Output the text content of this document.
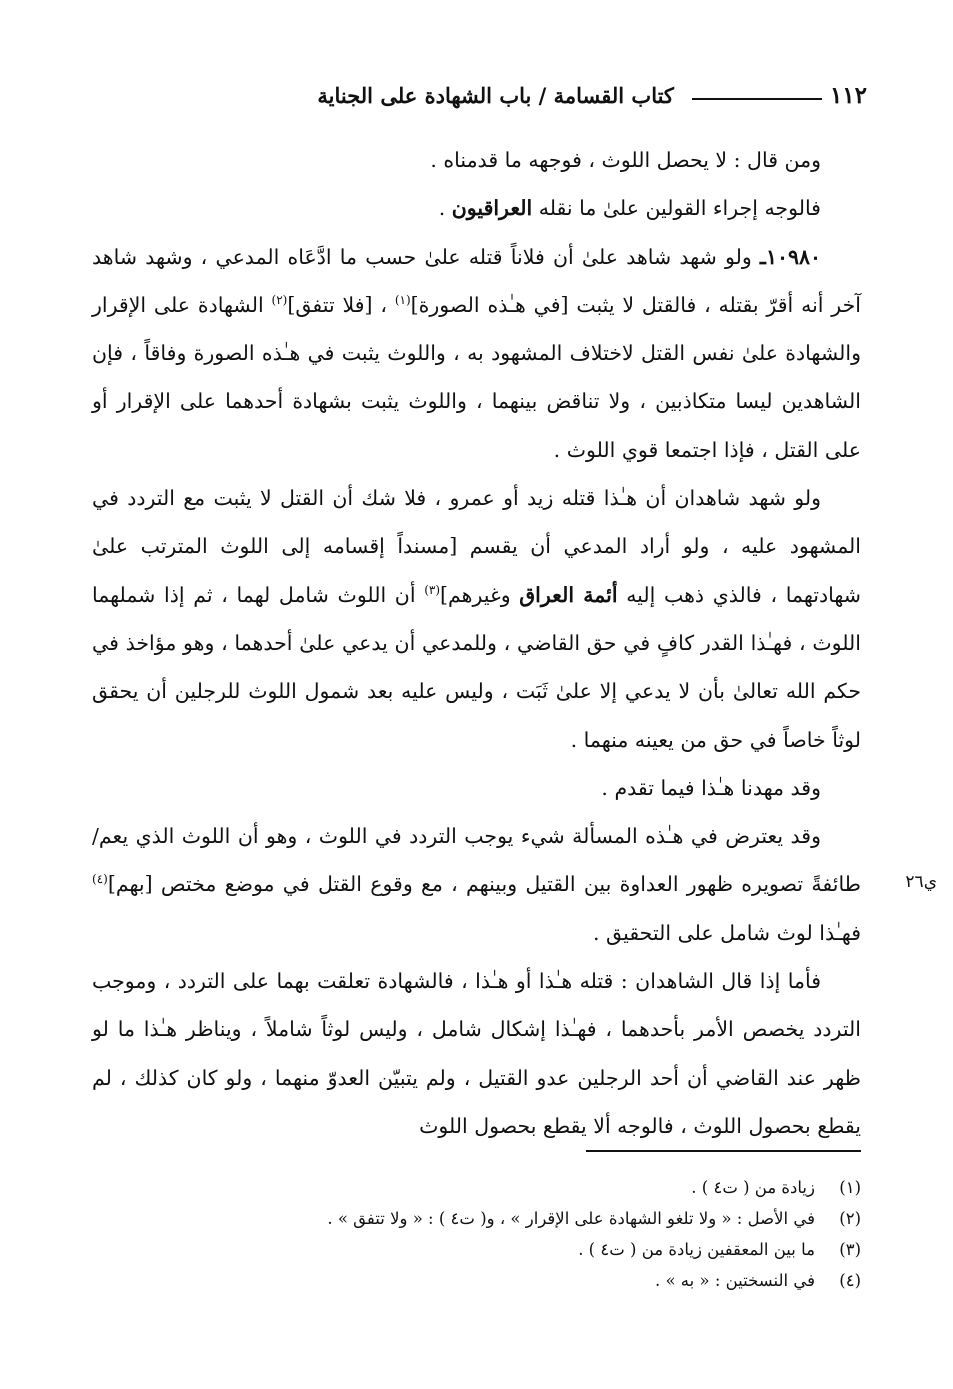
١١٢
كتاب القسامة / باب الشهادة على الجناية
ي٢٦

ومن قال : لا يحصل اللوث ، فوجهه ما قدمناه .

فالوجه إجراء القولين علىٰ ما نقله العراقيون .

١٠٩٨٠ـ ولو شهد شاهد علىٰ أن فلاناً قتله علىٰ حسب ما ادَّعَاه المدعي ، وشهد شاهد آخر أنه أقرّ بقتله ، فالقتل لا يثبت [في هـٰذه الصورة]$^{(١)}$ ، [فلا تتفق]$^{(٢)}$ الشهادة على الإقرار والشهادة علىٰ نفس القتل لاختلاف المشهود به ، واللوث يثبت في هـٰذه الصورة وفاقاً ، فإن الشاهدين ليسا متكاذبين ، ولا تناقض بينهما ، واللوث يثبت بشهادة أحدهما على الإقرار أو على القتل ، فإذا اجتمعا قوي اللوث .

ولو شهد شاهدان أن هـٰذا قتله زيد أو عمرو ، فلا شك أن القتل لا يثبت مع التردد في المشهود عليه ، ولو أراد المدعي أن يقسم [مسنداً إقسامه إلى اللوث المترتب علىٰ شهادتهما ، فالذي ذهب إليه أئمة العراق وغيرهم]$^{(٣)}$ أن اللوث شامل لهما ، ثم إذا شملهما اللوث ، فهـٰذا القدر كافٍ في حق القاضي ، وللمدعي أن يدعي علىٰ أحدهما ، وهو مؤاخذ في حكم الله تعالىٰ بأن لا يدعي إلا علىٰ ثَبَت ، وليس عليه بعد شمول اللوث للرجلين أن يحقق لوثاً خاصاً في حق من يعينه منهما .

وقد مهدنا هـٰذا فيما تقدم .

وقد يعترض في هـٰذه المسألة شيء يوجب التردد في اللوث ، وهو أن اللوث الذي يعم/ طائفةً تصويره ظهور العداوة بين القتيل وبينهم ، مع وقوع القتل في موضع مختص [بهم]$^{(٤)}$ فهـٰذا لوث شامل على التحقيق .

فأما إذا قال الشاهدان : قتله هـٰذا أو هـٰذا ، فالشهادة تعلقت بهما على التردد ، وموجب التردد يخصص الأمر بأحدهما ، فهـٰذا إشكال شامل ، وليس لوثاً شاملاً ، ويناظر هـٰذا ما لو ظهر عند القاضي أن أحد الرجلين عدو القتيل ، ولم يتبيّن العدوّ منهما ، ولو كان كذلك ، لم يقطع بحصول اللوث ، فالوجه ألا يقطع بحصول اللوث

(١)
زيادة من ( ت٤ ) .
(٢)
في الأصل : « ولا تلغو الشهادة على الإقرار » ، و( ت٤ ) : « ولا تتفق » .
(٣)
ما بين المعقفين زيادة من ( ت٤ ) .
(٤)
في النسختين : « به » .
